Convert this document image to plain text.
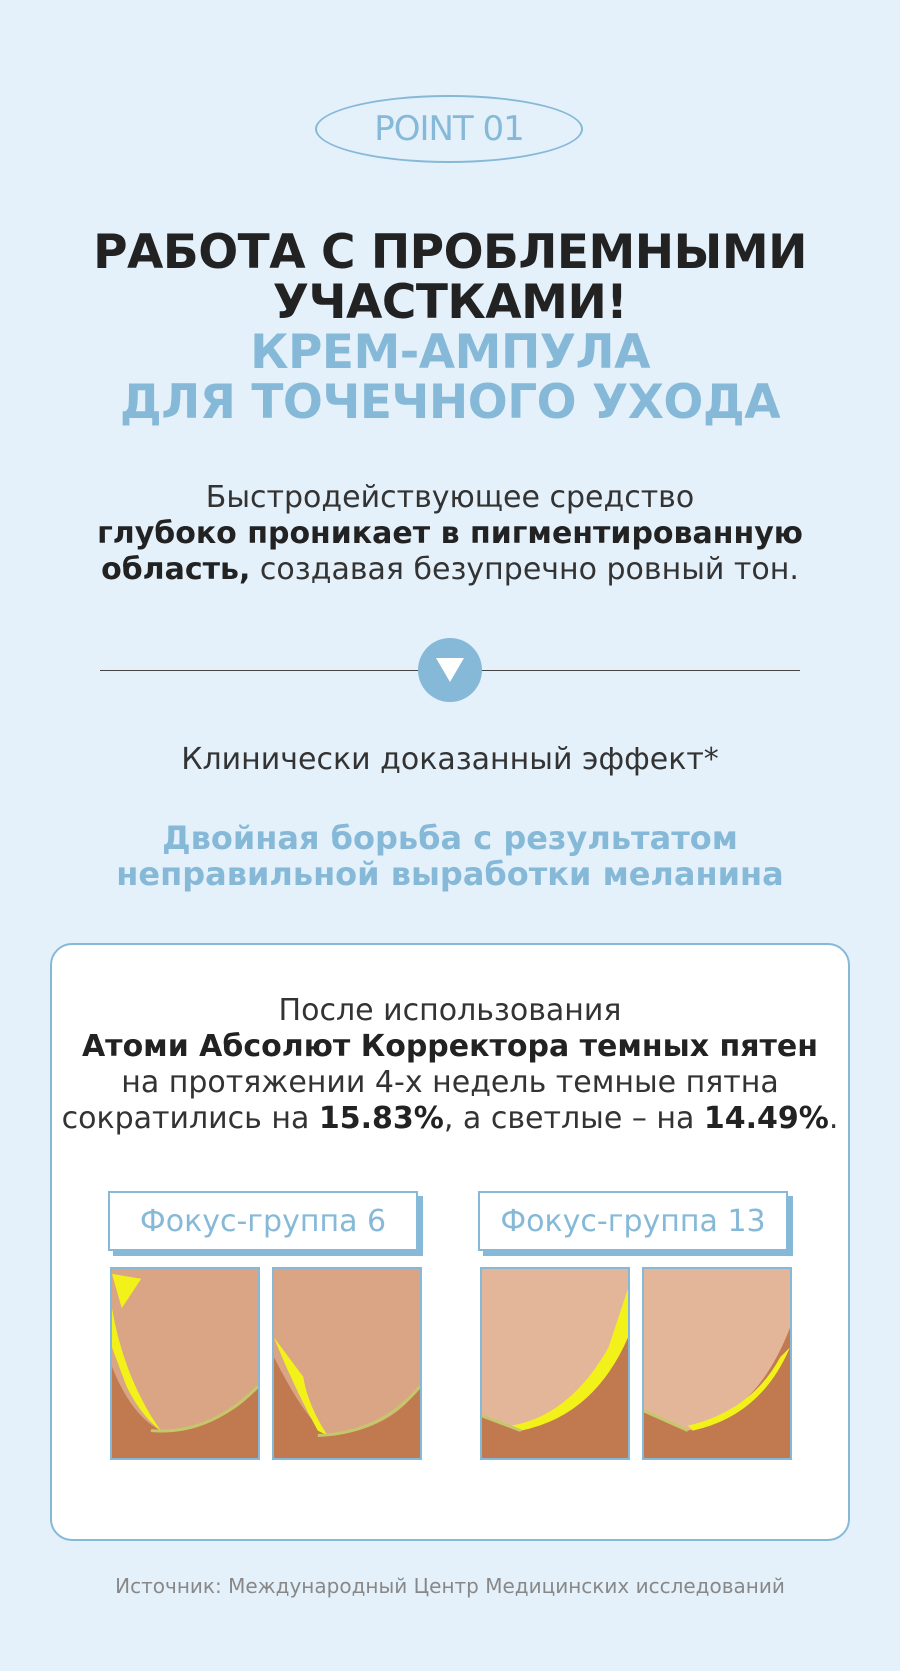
POINT 01
РАБОТА С ПРОБЛЕМНЫМИ
УЧАСТКАМИ!
КРЕМ-АМПУЛА
ДЛЯ ТОЧЕЧНОГО УХОДА
Быстродействующее средство
глубоко проникает в пигментированную
область, создавая безупречно ровный тон.
Клинически доказанный эффект*
Двойная борьба с результатом
неправильной выработки меланина
После использования
Атоми Абсолют Корректора темных пятен
на протяжении 4-х недель темные пятна
сократились на 15.83%, а светлые – на 14.49%.
Фокус-группа 6	Фокус-группа 13
Источник: Международный Центр Медицинских исследований
